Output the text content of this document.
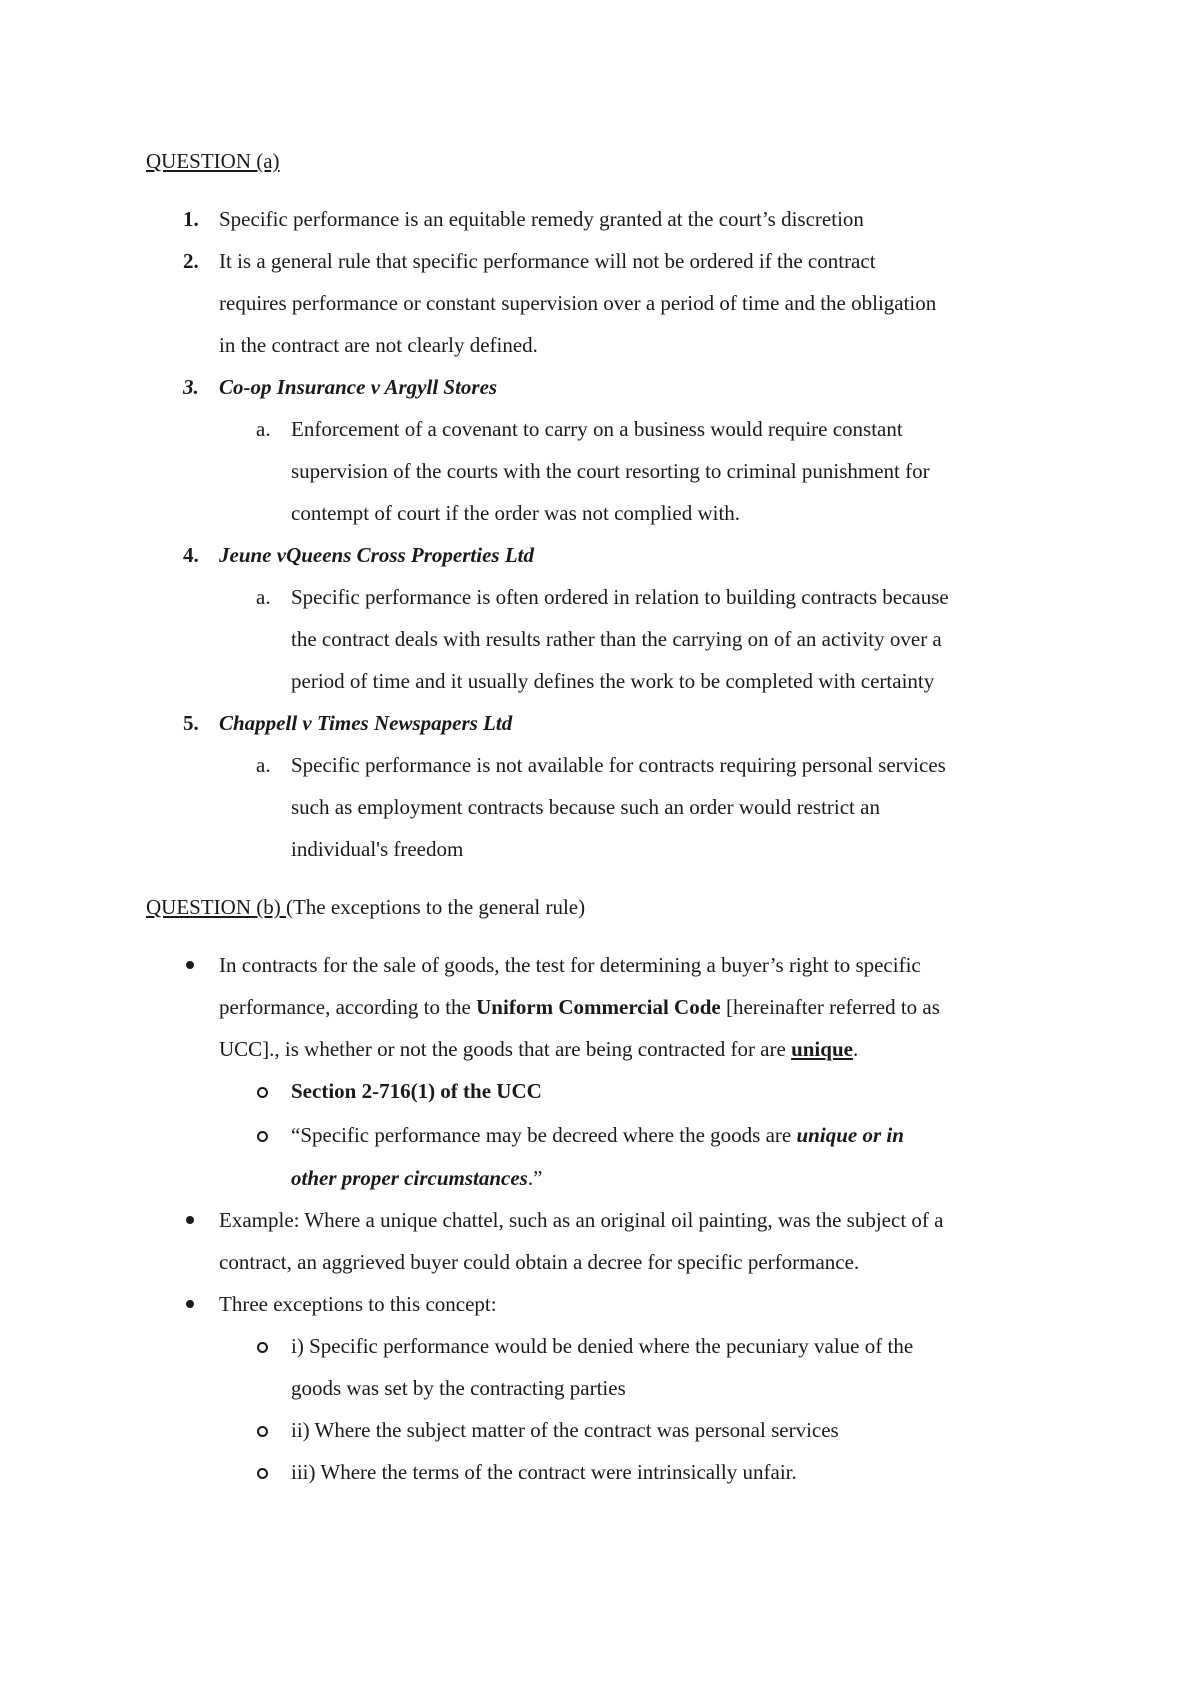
QUESTION (a)
1. Specific performance is an equitable remedy granted at the court’s discretion
2. It is a general rule that specific performance will not be ordered if the contract
requires performance or constant supervision over a period of time and the obligation
in the contract are not clearly defined.
3. Co-op Insurance v Argyll Stores
a. Enforcement of a covenant to carry on a business would require constant
supervision of the courts with the court resorting to criminal punishment for
contempt of court if the order was not complied with.
4. Jeune vQueens Cross Properties Ltd
a. Specific performance is often ordered in relation to building contracts because
the contract deals with results rather than the carrying on of an activity over a
period of time and it usually defines the work to be completed with certainty
5. Chappell v Times Newspapers Ltd
a. Specific performance is not available for contracts requiring personal services
such as employment contracts because such an order would restrict an
individual's freedom
QUESTION (b) (The exceptions to the general rule)
In contracts for the sale of goods, the test for determining a buyer’s right to specific
performance, according to the Uniform Commercial Code [hereinafter referred to as
UCC]., is whether or not the goods that are being contracted for are unique.
Section 2-716(1) of the UCC
“Specific performance may be decreed where the goods are unique or in
other proper circumstances.”
Example: Where a unique chattel, such as an original oil painting, was the subject of a
contract, an aggrieved buyer could obtain a decree for specific performance.
Three exceptions to this concept:
i) Specific performance would be denied where the pecuniary value of the
goods was set by the contracting parties
ii) Where the subject matter of the contract was personal services
iii) Where the terms of the contract were intrinsically unfair.
